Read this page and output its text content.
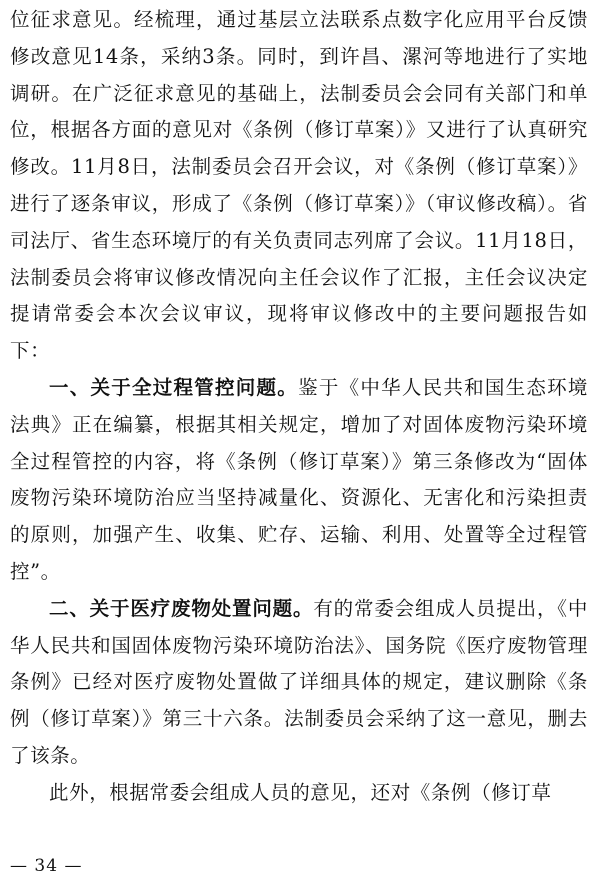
位征求意见。经梳理，通过基层立法联系点数字化应用平台反馈修改意见14条，采纳3条。同时，到许昌、漯河等地进行了实地调研。在广泛征求意见的基础上，法制委员会会同有关部门和单位，根据各方面的意见对《条例（修订草案）》又进行了认真研究修改。11月8日，法制委员会召开会议，对《条例（修订草案）》进行了逐条审议，形成了《条例（修订草案）》（审议修改稿）。省司法厅、省生态环境厅的有关负责同志列席了会议。11月18日，法制委员会将审议修改情况向主任会议作了汇报，主任会议决定提请常委会本次会议审议，现将审议修改中的主要问题报告如下：

一、关于全过程管控问题。鉴于《中华人民共和国生态环境法典》正在编纂，根据其相关规定，增加了对固体废物污染环境全过程管控的内容，将《条例（修订草案）》第三条修改为“固体废物污染环境防治应当坚持减量化、资源化、无害化和污染担责的原则，加强产生、收集、贮存、运输、利用、处置等全过程管控”。

二、关于医疗废物处置问题。有的常委会组成人员提出，《中华人民共和国固体废物污染环境防治法》、国务院《医疗废物管理条例》已经对医疗废物处置做了详细具体的规定，建议删除《条例（修订草案）》第三十六条。法制委员会采纳了这一意见，删去了该条。

此外，根据常委会组成人员的意见，还对《条例（修订草

— 34 —
